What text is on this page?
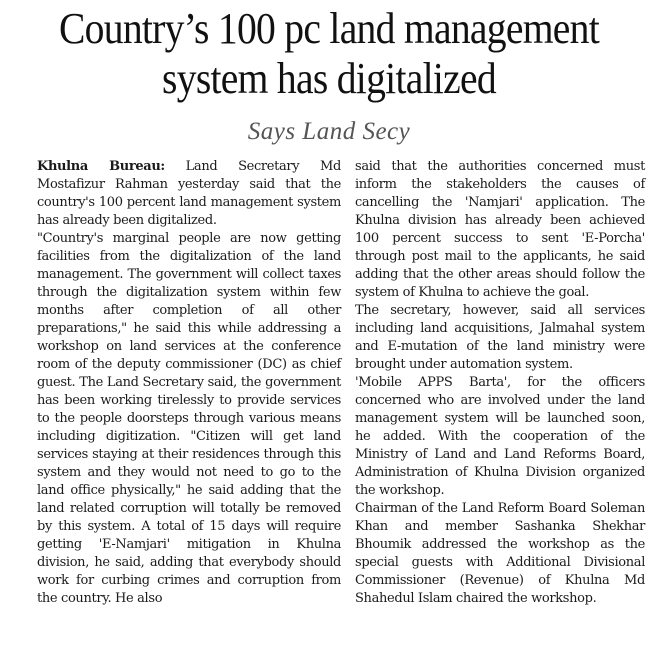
Country’s 100 pc land management
system has digitalized
Says Land Secy

Khulna Bureau: Land Secretary Md Mostafizur Rahman yesterday said that the country's 100 percent land management system has already been digitalized.

"Country's marginal people are now getting facilities from the digitalization of the land management. The government will collect taxes through the digitalization system within few months after completion of all other preparations," he said this while addressing a workshop on land services at the conference room of the deputy commissioner (DC) as chief guest. The Land Secretary said, the government has been working tirelessly to provide services to the people doorsteps through various means including digitization. "Citizen will get land services staying at their residences through this system and they would not need to go to the land office physically," he said adding that the land related corruption will totally be removed by this system. A total of 15 days will require getting 'E-Namjari' mitigation in Khulna division, he said, adding that everybody should work for curbing crimes and corruption from the country. He also

said that the authorities concerned must inform the stakeholders the causes of cancelling the 'Namjari' application. The Khulna division has already been achieved 100 percent success to sent 'E-Porcha' through post mail to the applicants, he said adding that the other areas should follow the system of Khulna to achieve the goal.

The secretary, however, said all services including land acquisitions, Jalmahal system and E-mutation of the land ministry were brought under automation system.

'Mobile APPS Barta', for the officers concerned who are involved under the land management system will be launched soon, he added. With the cooperation of the Ministry of Land and Land Reforms Board, Administration of Khulna Division organized the workshop.

Chairman of the Land Reform Board Soleman Khan and member Sashanka Shekhar Bhoumik addressed the workshop as the special guests with Additional Divisional Commissioner (Revenue) of Khulna Md Shahedul Islam chaired the workshop.
